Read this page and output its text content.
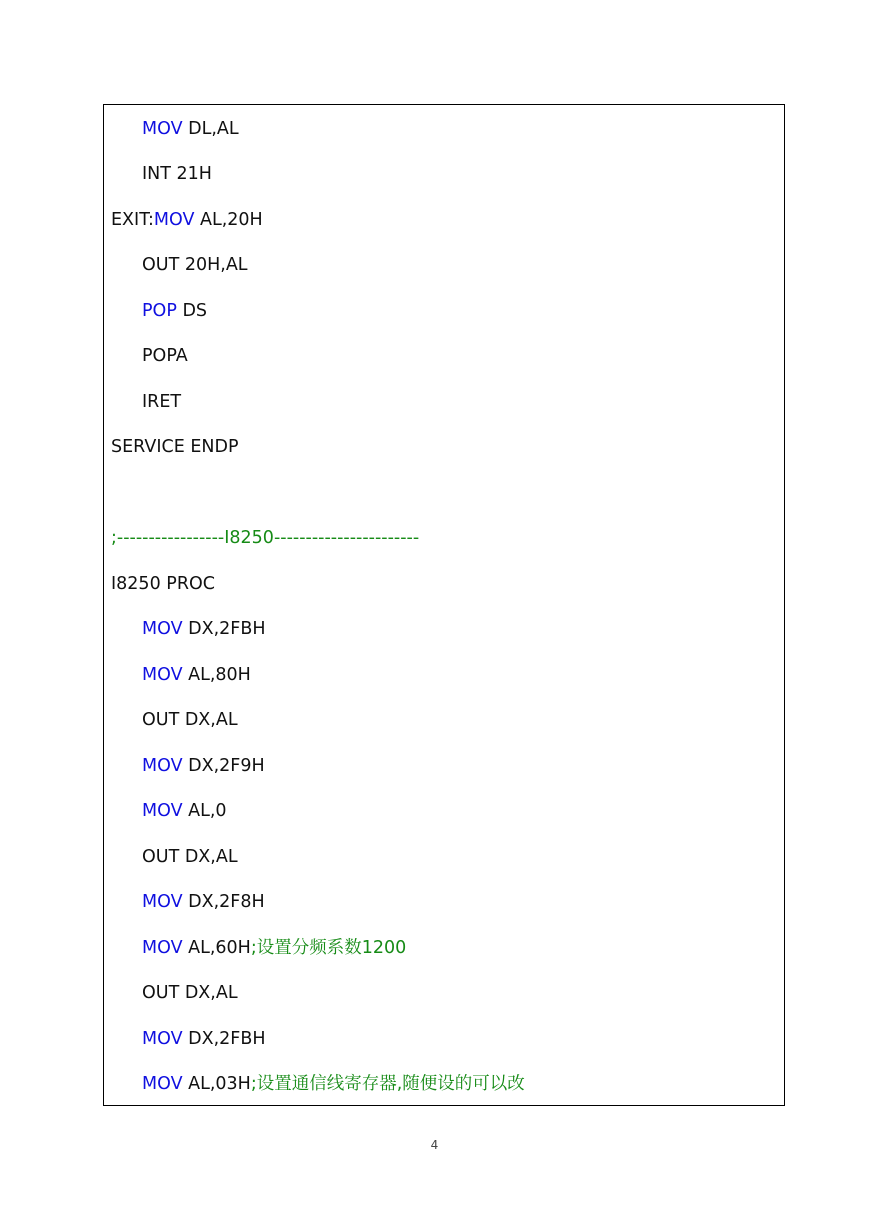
MOV DL,AL
INT 21H
EXIT:MOV AL,20H
OUT 20H,AL
POP DS
POPA
IRET
SERVICE ENDP
;-----------------I8250-----------------------
I8250 PROC
MOV DX,2FBH
MOV AL,80H
OUT DX,AL
MOV DX,2F9H
MOV AL,0
OUT DX,AL
MOV DX,2F8H
MOV AL,60H;设置分频系数1200
OUT DX,AL
MOV DX,2FBH
MOV AL,03H;设置通信线寄存器,随便设的可以改
4
